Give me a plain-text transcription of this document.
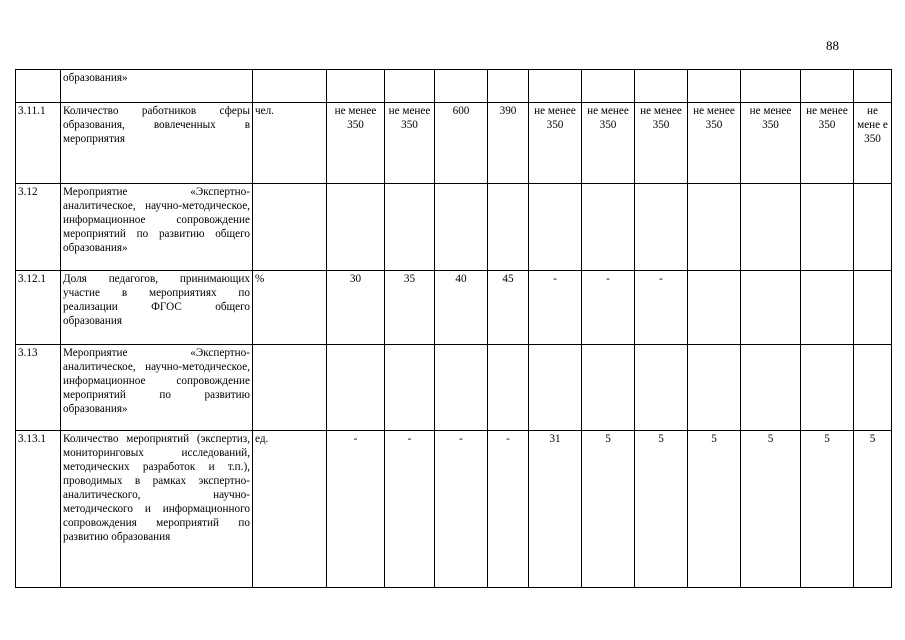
88
	образования»												
3.11.1	Количество работников сферы образования, вовлеченных в мероприятия	чел.	не менее 350	не менее 350	600	390	не менее 350	не менее 350	не менее 350	не менее 350	не менее 350	не менее 350	не мене е 350
3.12	Мероприятие «Экспертно-аналитическое, научно-методическое, информационное сопровождение мероприятий по развитию общего образования»												
3.12.1	Доля педагогов, принимающих участие в мероприятиях по реализации ФГОС общего образования	%	30	35	40	45	-	-	-				
3.13	Мероприятие «Экспертно-аналитическое, научно-методическое, информационное сопровождение мероприятий по развитию образования»												
3.13.1	Количество мероприятий (экспертиз, мониторинговых исследований, методических разработок и т.п.), проводимых в рамках экспертно-аналитического, научно-методического и информационного сопровождения мероприятий по развитию образования	ед.	-	-	-	-	31	5	5	5	5	5	5
